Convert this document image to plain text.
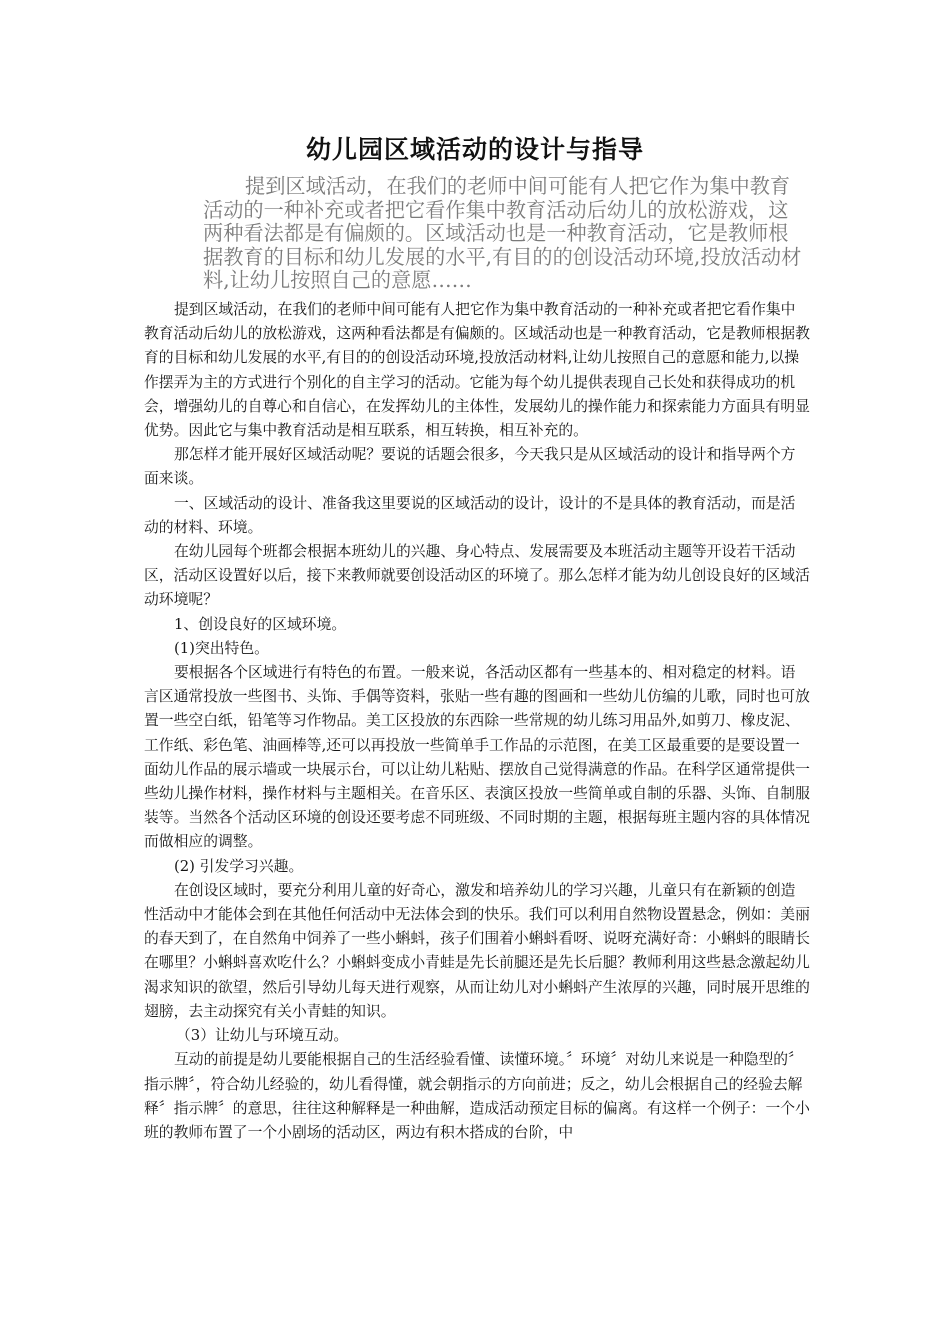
幼儿园区域活动的设计与指导

提到区域活动，在我们的老师中间可能有人把它作为集中教育活动的一种补充或者把它看作集中教育活动后幼儿的放松游戏，这两种看法都是有偏颇的。区域活动也是一种教育活动，它是教师根据教育的目标和幼儿发展的水平,有目的的创设活动环境,投放活动材料,让幼儿按照自己的意愿……

提到区域活动，在我们的老师中间可能有人把它作为集中教育活动的一种补充或者把它看作集中教育活动后幼儿的放松游戏，这两种看法都是有偏颇的。区域活动也是一种教育活动，它是教师根据教育的目标和幼儿发展的水平,有目的的创设活动环境,投放活动材料,让幼儿按照自己的意愿和能力,以操作摆弄为主的方式进行个别化的自主学习的活动。它能为每个幼儿提供表现自己长处和获得成功的机会，增强幼儿的自尊心和自信心，在发挥幼儿的主体性，发展幼儿的操作能力和探索能力方面具有明显优势。因此它与集中教育活动是相互联系，相互转换，相互补充的。

那怎样才能开展好区域活动呢？要说的话题会很多，今天我只是从区域活动的设计和指导两个方面来谈。

一、区域活动的设计、准备我这里要说的区域活动的设计，设计的不是具体的教育活动，而是活动的材料、环境。

在幼儿园每个班都会根据本班幼儿的兴趣、身心特点、发展需要及本班活动主题等开设若干活动区，活动区设置好以后，接下来教师就要创设活动区的环境了。那么怎样才能为幼儿创设良好的区域活动环境呢？

1、创设良好的区域环境。

(1)突出特色。

要根据各个区域进行有特色的布置。一般来说，各活动区都有一些基本的、相对稳定的材料。语言区通常投放一些图书、头饰、手偶等资料，张贴一些有趣的图画和一些幼儿仿编的儿歌，同时也可放置一些空白纸，铅笔等习作物品。美工区投放的东西除一些常规的幼儿练习用品外,如剪刀、橡皮泥、工作纸、彩色笔、油画棒等,还可以再投放一些简单手工作品的示范图，在美工区最重要的是要设置一面幼儿作品的展示墙或一块展示台，可以让幼儿粘贴、摆放自己觉得满意的作品。在科学区通常提供一些幼儿操作材料，操作材料与主题相关。在音乐区、表演区投放一些简单或自制的乐器、头饰、自制服装等。当然各个活动区环境的创设还要考虑不同班级、不同时期的主题，根据每班主题内容的具体情况而做相应的调整。

(2) 引发学习兴趣。

在创设区域时，要充分利用儿童的好奇心，激发和培养幼儿的学习兴趣，儿童只有在新颖的创造性活动中才能体会到在其他任何活动中无法体会到的快乐。我们可以利用自然物设置悬念，例如：美丽的春天到了，在自然角中饲养了一些小蝌蚪，孩子们围着小蝌蚪看呀、说呀充满好奇：小蝌蚪的眼睛长在哪里？小蝌蚪喜欢吃什么？小蝌蚪变成小青蛙是先长前腿还是先长后腿？教师利用这些悬念激起幼儿渴求知识的欲望，然后引导幼儿每天进行观察，从而让幼儿对小蝌蚪产生浓厚的兴趣，同时展开思维的翅膀，去主动探究有关小青蛙的知识。

（3）让幼儿与环境互动。

互动的前提是幼儿要能根据自己的生活经验看懂、读懂环境。〞环境〞对幼儿来说是一种隐型的〞指示牌〞，符合幼儿经验的，幼儿看得懂，就会朝指示的方向前进；反之，幼儿会根据自己的经验去解释〞指示牌〞的意思，往往这种解释是一种曲解，造成活动预定目标的偏离。有这样一个例子：一个小班的教师布置了一个小剧场的活动区，两边有积木搭成的台阶，中
